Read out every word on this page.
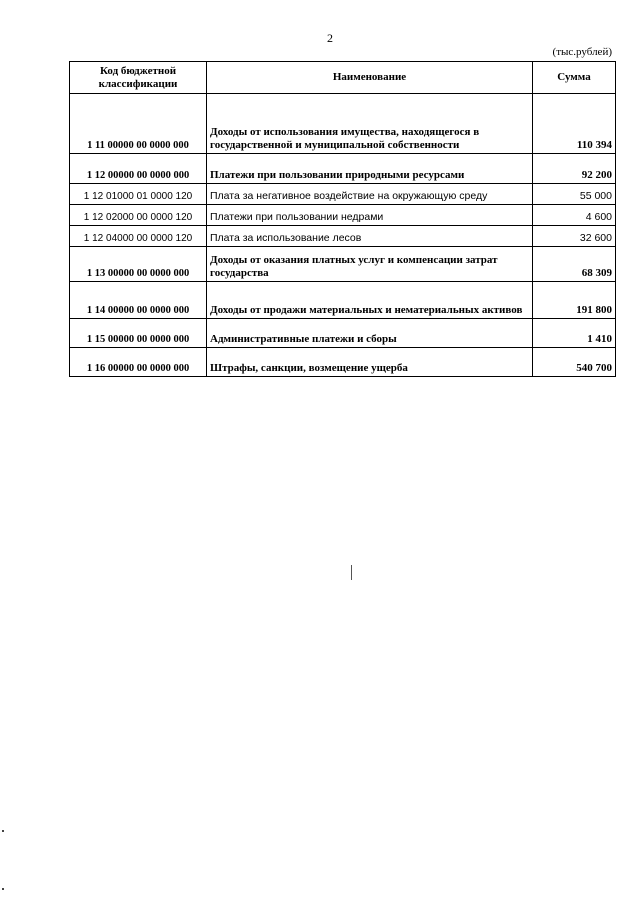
2
(тыс.рублей)
Код бюджетной классификации	Наименование	Сумма
1 11 00000 00 0000 000	Доходы от использования имущества, находящегося в государственной и муниципальной собственности	110 394
1 12 00000 00 0000 000	Платежи при пользовании природными ресурсами	92 200
1 12 01000 01 0000 120	Плата за негативное воздействие на окружающую среду	55 000
1 12 02000 00 0000 120	Платежи при пользовании недрами	4 600
1 12 04000 00 0000 120	Плата за использование лесов	32 600
1 13 00000 00 0000 000	Доходы от оказания платных услуг и компенсации затрат государства	68 309
1 14 00000 00 0000 000	Доходы от продажи материальных и нематериальных активов	191 800
1 15 00000 00 0000 000	Административные платежи и сборы	1 410
1 16 00000 00 0000 000	Штрафы, санкции, возмещение ущерба	540 700
